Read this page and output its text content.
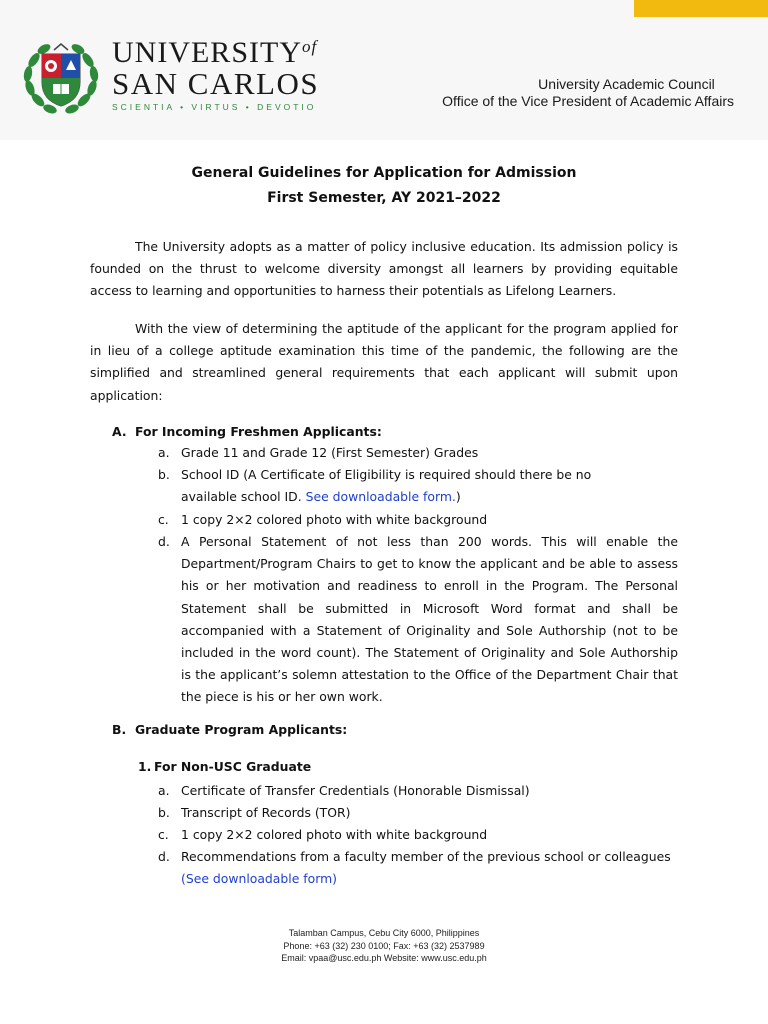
$UNIVERSITY^{of}$
SAN CARLOS
SCIENTIA • VIRTUS • DEVOTIO
University Academic Council
Office of the Vice President of Academic Affairs
General Guidelines for Application for Admission
First Semester, AY 2021–2022

The University adopts as a matter of policy inclusive education. Its admission policy is founded on the thrust to welcome diversity amongst all learners by providing equitable access to learning and opportunities to harness their potentials as Lifelong Learners.

With the view of determining the aptitude of the applicant for the program applied for in lieu of a college aptitude examination this time of the pandemic, the following are the simplified and streamlined general requirements that each applicant will submit upon application:

A. For Incoming Freshmen Applicants:
a. Grade 11 and Grade 12 (First Semester) Grades
b. School ID (A Certificate of Eligibility is required should there be no available school ID. See downloadable form.)
c. 1 copy 2×2 colored photo with white background
d. A Personal Statement of not less than 200 words. This will enable the Department/Program Chairs to get to know the applicant and be able to assess his or her motivation and readiness to enroll in the Program. The Personal Statement shall be submitted in Microsoft Word format and shall be accompanied with a Statement of Originality and Sole Authorship (not to be included in the word count). The Statement of Originality and Sole Authorship is the applicant’s solemn attestation to the Office of the Department Chair that the piece is his or her own work.
B. Graduate Program Applicants:
1. For Non-USC Graduate
a. Certificate of Transfer Credentials (Honorable Dismissal)
b. Transcript of Records (TOR)
c. 1 copy 2×2 colored photo with white background
d. Recommendations from a faculty member of the previous school or colleagues
(See downloadable form)
Talamban Campus, Cebu City 6000, Philippines
Phone: +63 (32) 230 0100; Fax: +63 (32) 2537989
Email: vpaa@usc.edu.ph Website: www.usc.edu.ph
